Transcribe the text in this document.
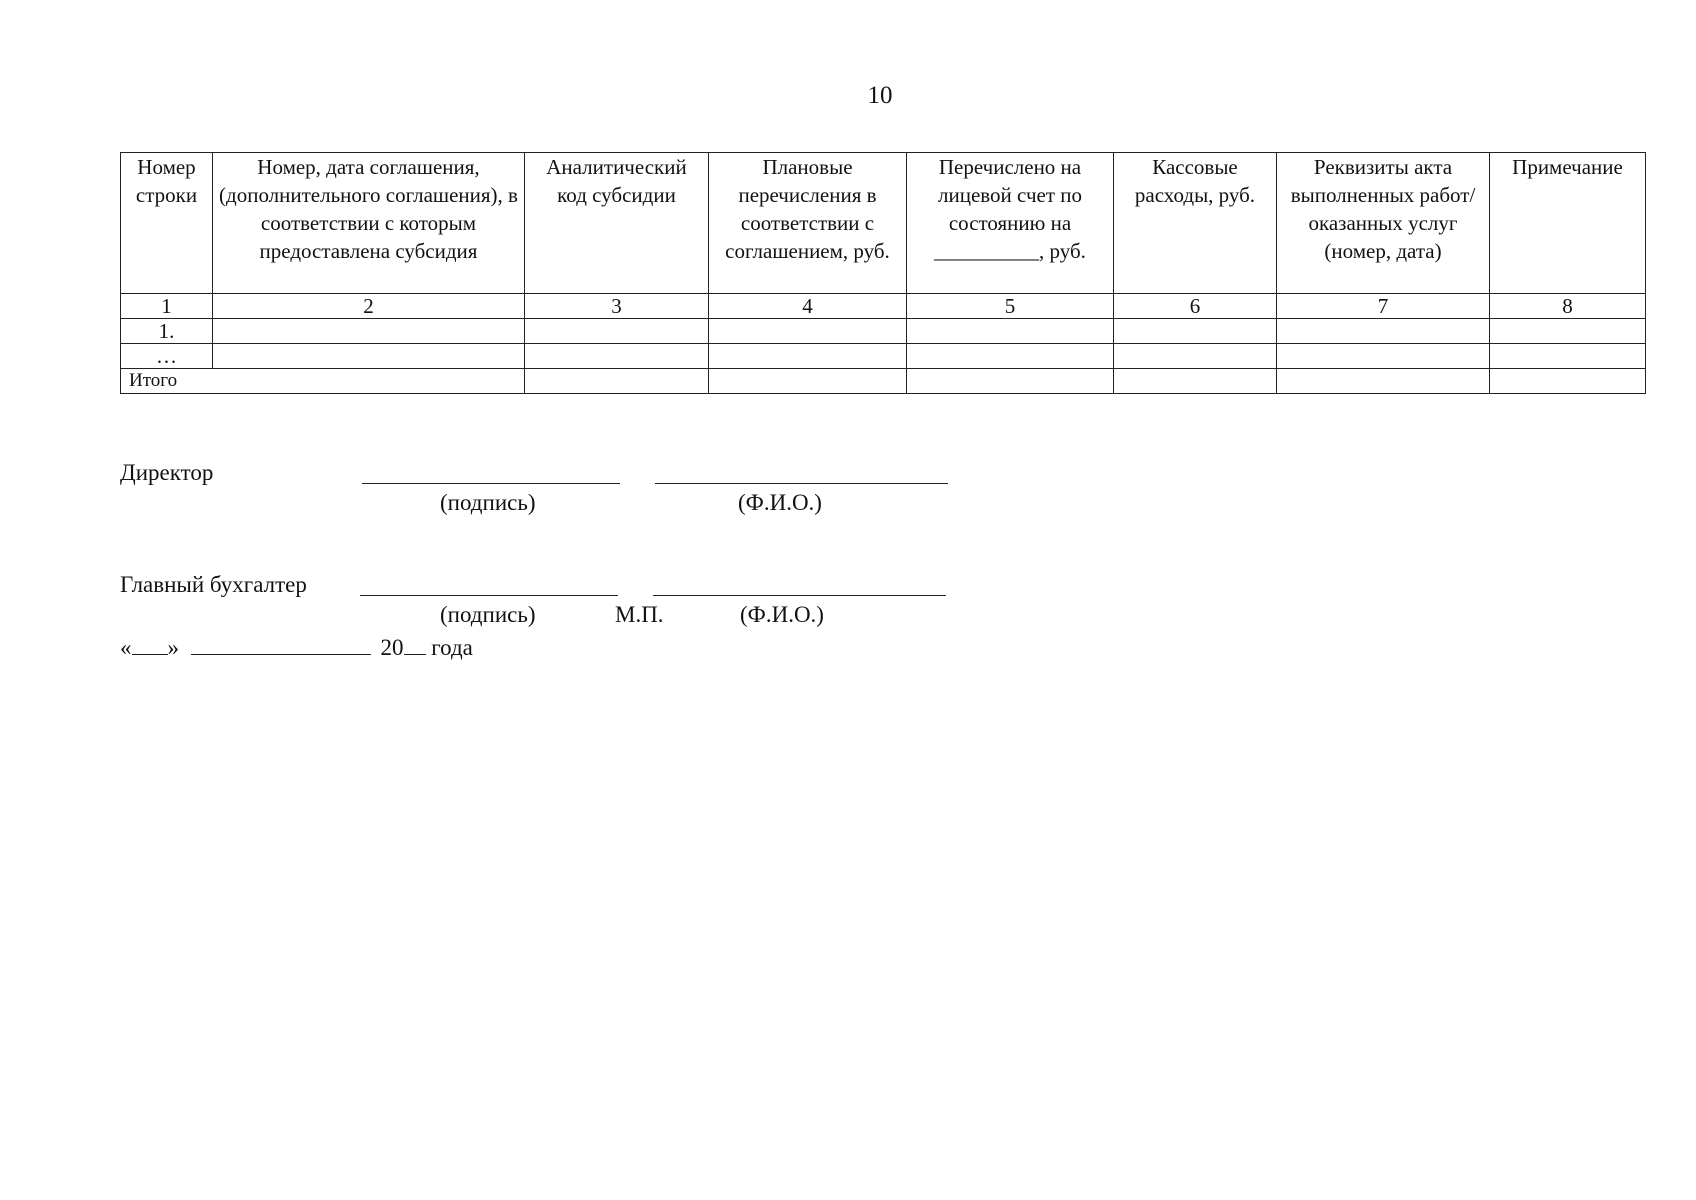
10
Номер строки	Номер, дата соглашения, (дополнительного соглашения), в соответствии с которым предоставлена субсидия	Аналитический код субсидии	Плановые перечисления в соответствии с соглашением, руб.	Перечислено на лицевой счет по состоянию на __________, руб.	Кассовые расходы, руб.	Реквизиты акта выполненных работ/оказанных услуг (номер, дата)	Примечание
1	2	3	4	5	6	7	8
1.							
…							
Итого							
Директор
(подпись)	(Ф.И.О.)
Главный бухгалтер
(подпись)	М.П.	(Ф.И.О.)
« »	20 года
